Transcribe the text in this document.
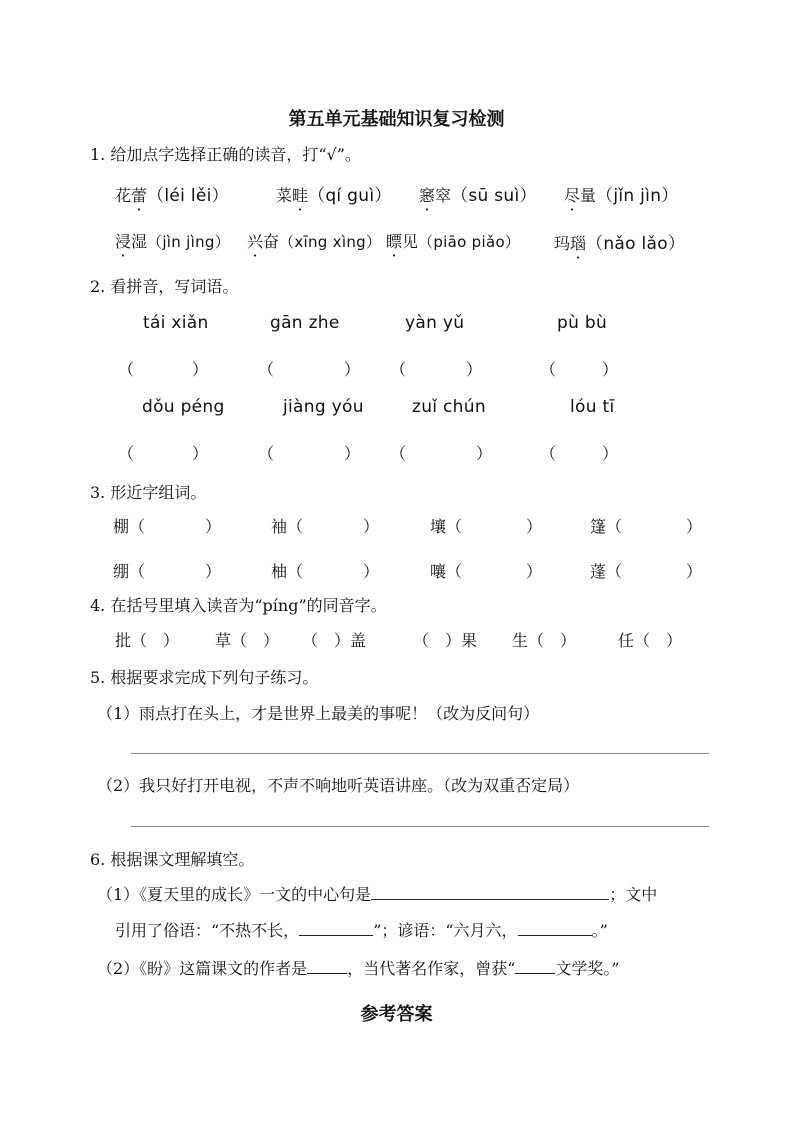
第五单元基础知识复习检测
1. 给加点字选择正确的读音，打“√”。
花蕾（léi lěi）	菜畦（qí guì） 窸窣（sū suì） 尽量（jǐn jìn）
浸湿（jìn jìng） 兴奋（xīng xìng） 瞟见（piāo piǎo） 玛瑙（nǎo lǎo）
2. 看拼音，写词语。
tái xiǎn	gān zhe	yàn yǔ	pù bù
（	）	（	） （	）	（	）
dǒu péng	jiàng yóu	zuǐ chún	lóu tī
（	）	（	） （	）	（	）
3. 形近字组词。
棚（	）	袖（	）	壤（	）	篷（	）
绷（	）	柚（	）	嚷（	）	蓬（	）
4. 在括号里填入读音为“píng”的同音字。
批（　） 草（　） （　）盖	（　）果 生（　）	任（　）
5. 根据要求完成下列句子练习。
（1）雨点打在头上，才是世界上最美的事呢！（改为反问句）
（2）我只好打开电视，不声不响地听英语讲座。（改为双重否定局）
6. 根据课文理解填空。
（1）《夏天里的成长》一文的中心句是	；文中
引用了俗语：“不热不长，	”；谚语：“六月六，	。”
（2）《盼》这篇课文的作者是	，当代著名作家，曾获“	文学奖。”
参考答案
